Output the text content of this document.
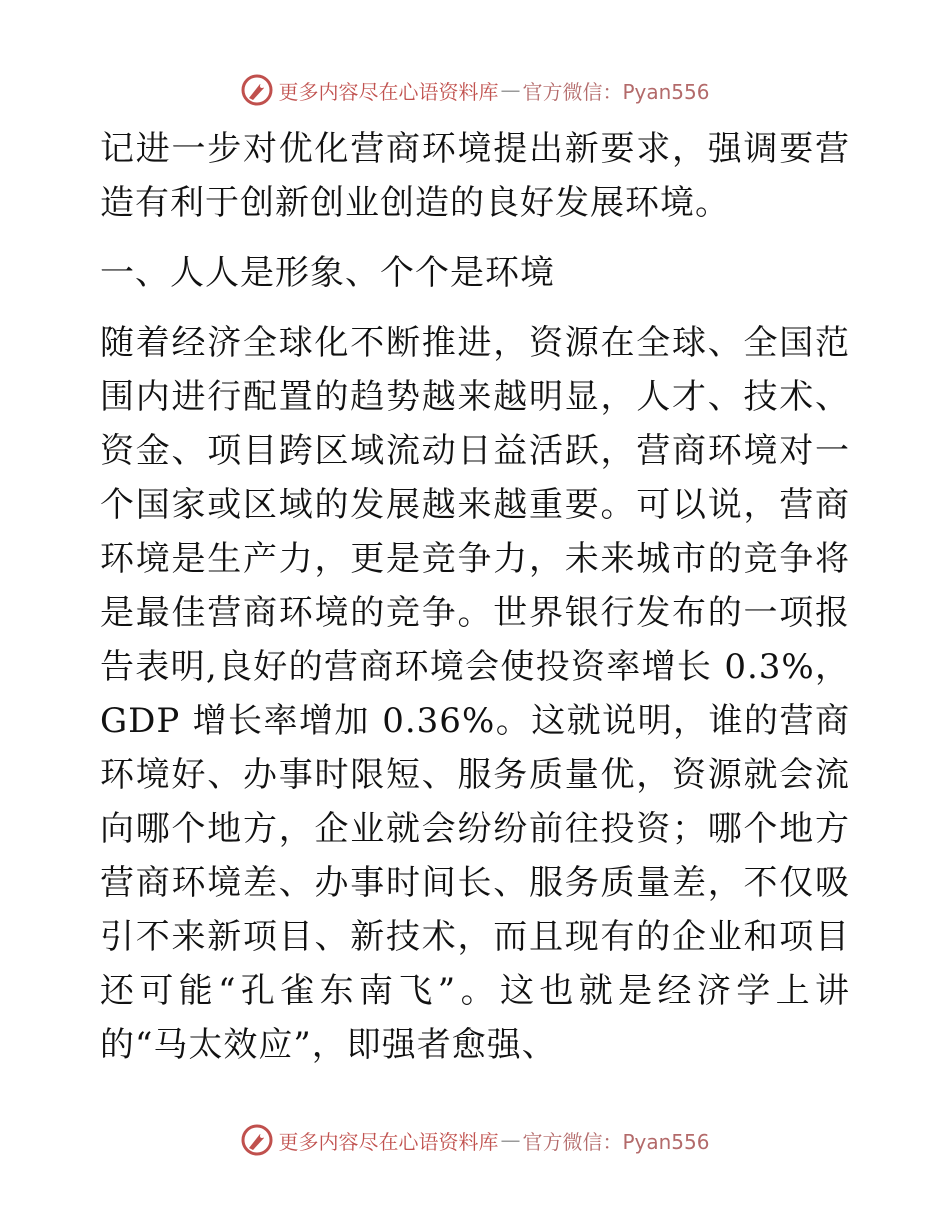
更多内容尽在心语资料库 — 官方微信：Pyan556

记进一步对优化营商环境提出新要求，强调要营造有利于创新创业创造的良好发展环境。

一、人人是形象、个个是环境

随着经济全球化不断推进，资源在全球、全国范围内进行配置的趋势越来越明显，人才、技术、资金、项目跨区域流动日益活跃，营商环境对一个国家或区域的发展越来越重要。可以说，营商环境是生产力，更是竞争力，未来城市的竞争将是最佳营商环境的竞争。世界银行发布的一项报告表明,良好的营商环境会使投资率增长 0.3%，GDP 增长率增加 0.36%。这就说明，谁的营商环境好、办事时限短、服务质量优，资源就会流向哪个地方，企业就会纷纷前往投资；哪个地方营商环境差、办事时间长、服务质量差，不仅吸引不来新项目、新技术，而且现有的企业和项目还可能“孔雀东南飞”。这也就是经济学上讲的“马太效应”，即强者愈强、

更多内容尽在心语资料库 — 官方微信：Pyan556
